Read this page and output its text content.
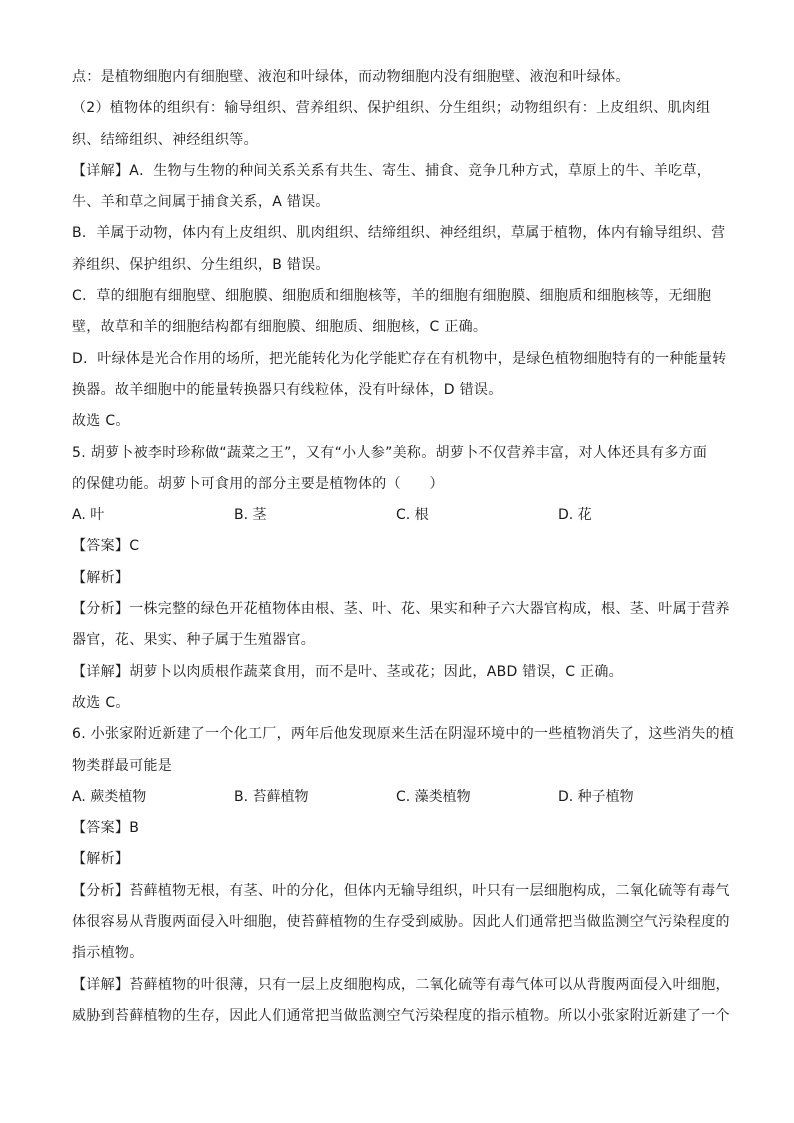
点：是植物细胞内有细胞壁、液泡和叶绿体，而动物细胞内没有细胞壁、液泡和叶绿体。
（2）植物体的组织有：输导组织、营养组织、保护组织、分生组织；动物组织有：上皮组织、肌肉组
织、结缔组织、神经组织等。
【详解】A．生物与生物的种间关系关系有共生、寄生、捕食、竞争几种方式，草原上的牛、羊吃草，
牛、羊和草之间属于捕食关系，A 错误。
B．羊属于动物，体内有上皮组织、肌肉组织、结缔组织、神经组织，草属于植物，体内有输导组织、营
养组织、保护组织、分生组织，B 错误。
C．草的细胞有细胞壁、细胞膜、细胞质和细胞核等，羊的细胞有细胞膜、细胞质和细胞核等，无细胞
壁，故草和羊的细胞结构都有细胞膜、细胞质、细胞核，C 正确。
D．叶绿体是光合作用的场所，把光能转化为化学能贮存在有机物中，是绿色植物细胞特有的一种能量转
换器。故羊细胞中的能量转换器只有线粒体，没有叶绿体，D 错误。
故选 C。
5. 胡萝卜被李时珍称做“蔬菜之王”，又有“小人参”美称。胡萝卜不仅营养丰富，对人体还具有多方面
的保健功能。胡萝卜可食用的部分主要是植物体的（　　）
A. 叶	B. 茎	C. 根	D. 花
【答案】C
【解析】
【分析】一株完整的绿色开花植物体由根、茎、叶、花、果实和种子六大器官构成，根、茎、叶属于营养
器官，花、果实、种子属于生殖器官。
【详解】胡萝卜以肉质根作蔬菜食用，而不是叶、茎或花；因此，ABD 错误，C 正确。
故选 C。
6. 小张家附近新建了一个化工厂，两年后他发现原来生活在阴湿环境中的一些植物消失了，这些消失的植
物类群最可能是
A. 蕨类植物	B. 苔藓植物	C. 藻类植物	D. 种子植物
【答案】B
【解析】
【分析】苔藓植物无根，有茎、叶的分化，但体内无输导组织，叶只有一层细胞构成，二氧化硫等有毒气
体很容易从背腹两面侵入叶细胞，使苔藓植物的生存受到威胁。因此人们通常把当做监测空气污染程度的
指示植物。
【详解】苔藓植物的叶很薄，只有一层上皮细胞构成，二氧化硫等有毒气体可以从背腹两面侵入叶细胞，
威胁到苔藓植物的生存，因此人们通常把当做监测空气污染程度的指示植物。所以小张家附近新建了一个
